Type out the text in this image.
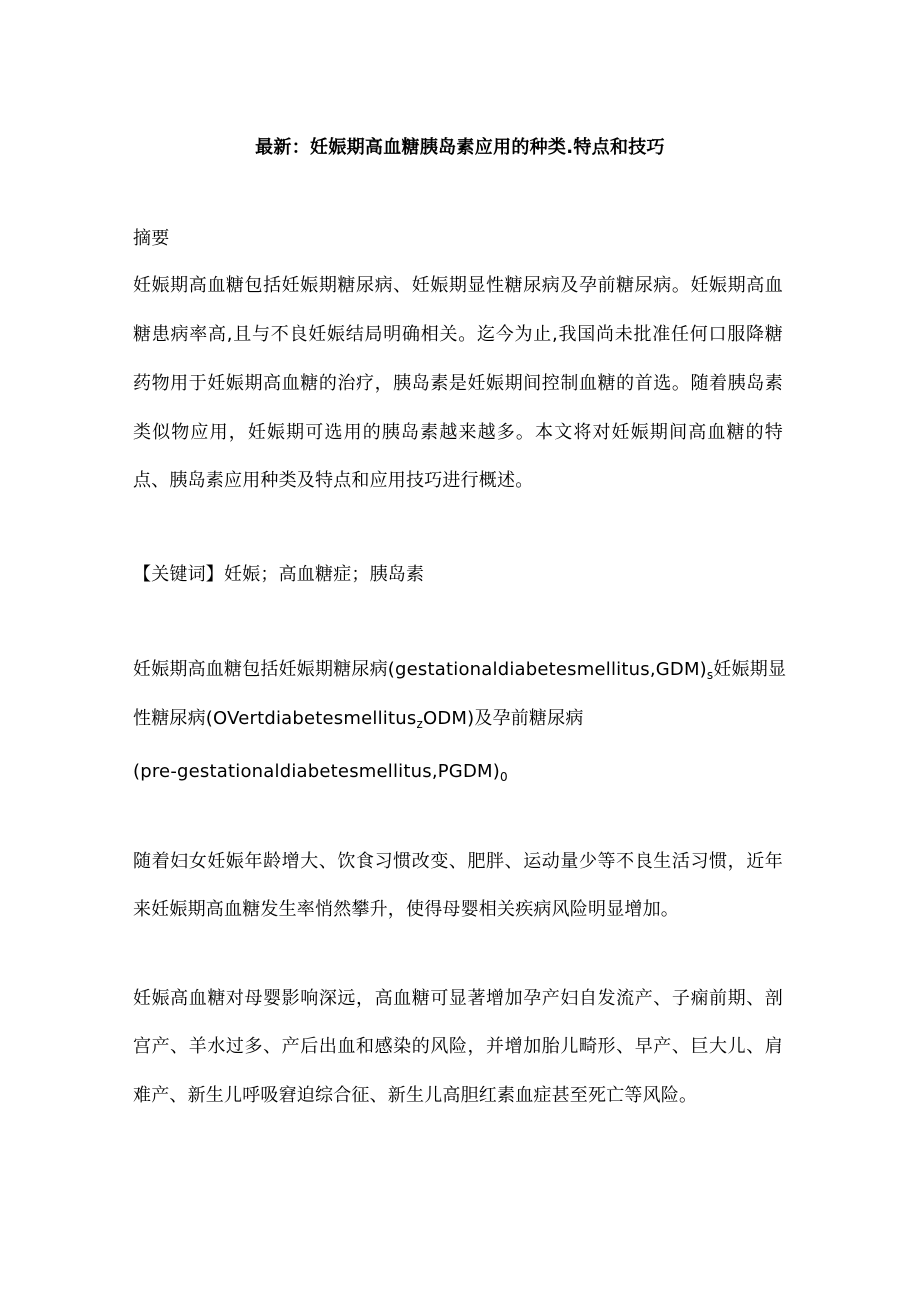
最新：妊娠期高血糖胰岛素应用的种类.特点和技巧
摘要
妊娠期高血糖包括妊娠期糖尿病、妊娠期显性糖尿病及孕前糖尿病。妊娠期高血
糖患病率高,且与不良妊娠结局明确相关。迄今为止,我国尚未批准任何口服降糖
药物用于妊娠期高血糖的治疗，胰岛素是妊娠期间控制血糖的首选。随着胰岛素
类似物应用，妊娠期可选用的胰岛素越来越多。本文将对妊娠期间高血糖的特
点、胰岛素应用种类及特点和应用技巧进行概述。
【关键词】妊娠；高血糖症；胰岛素
妊娠期高血糖包括妊娠期糖尿病$(gestationaldiabetesmellitus,GDM)_s$妊娠期显
性糖尿病(OVertdiabetesmellitus$_z$ODM)及孕前糖尿病
$(pre-gestationaldiabetesmellitus,PGDM)_0$
随着妇女妊娠年龄增大、饮食习惯改变、肥胖、运动量少等不良生活习惯，近年
来妊娠期高血糖发生率悄然攀升，使得母婴相关疾病风险明显增加。
妊娠高血糖对母婴影响深远，高血糖可显著增加孕产妇自发流产、子痫前期、剖
宫产、羊水过多、产后出血和感染的风险，并增加胎儿畸形、早产、巨大儿、肩
难产、新生儿呼吸窘迫综合征、新生儿高胆红素血症甚至死亡等风险。
